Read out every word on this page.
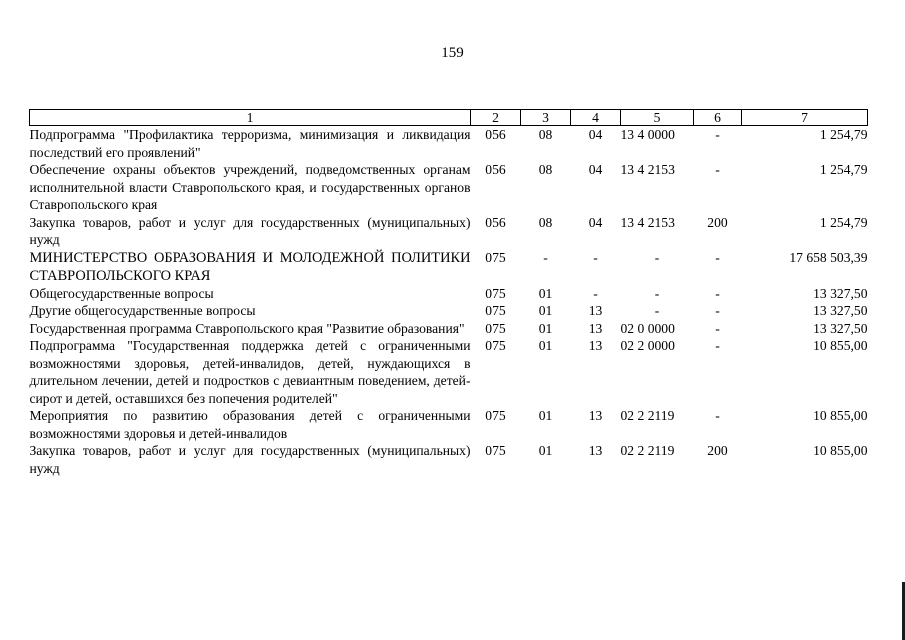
159
1	2	3	4	5	6	7
Подпрограмма "Профилактика терроризма, минимизация и ликвидация последствий его проявлений"	056	08	04	13 4 0000	-	1 254,79
Обеспечение охраны объектов учреждений, подведомственных органам исполнительной власти Ставропольского края, и государственных органов Ставропольского края	056	08	04	13 4 2153	-	1 254,79
Закупка товаров, работ и услуг для государственных (муниципальных) нужд	056	08	04	13 4 2153	200	1 254,79
МИНИСТЕРСТВО ОБРАЗОВАНИЯ И МОЛОДЕЖНОЙ ПОЛИТИКИ СТАВРОПОЛЬСКОГО КРАЯ	075	-	-	-	-	17 658 503,39
Общегосударственные вопросы	075	01	-	-	-	13 327,50
Другие общегосударственные вопросы	075	01	13	-	-	13 327,50
Государственная программа Ставропольского края "Развитие образования"	075	01	13	02 0 0000	-	13 327,50
Подпрограмма "Государственная поддержка детей с ограниченными возможностями здоровья, детей-инвалидов, детей, нуждающихся в длительном лечении, детей и подростков с девиантным поведением, детей-сирот и детей, оставшихся без попечения родителей"	075	01	13	02 2 0000	-	10 855,00
Мероприятия по развитию образования детей с ограниченными возможностями здоровья и детей-инвалидов	075	01	13	02 2 2119	-	10 855,00
Закупка товаров, работ и услуг для государственных (муниципальных) нужд	075	01	13	02 2 2119	200	10 855,00
